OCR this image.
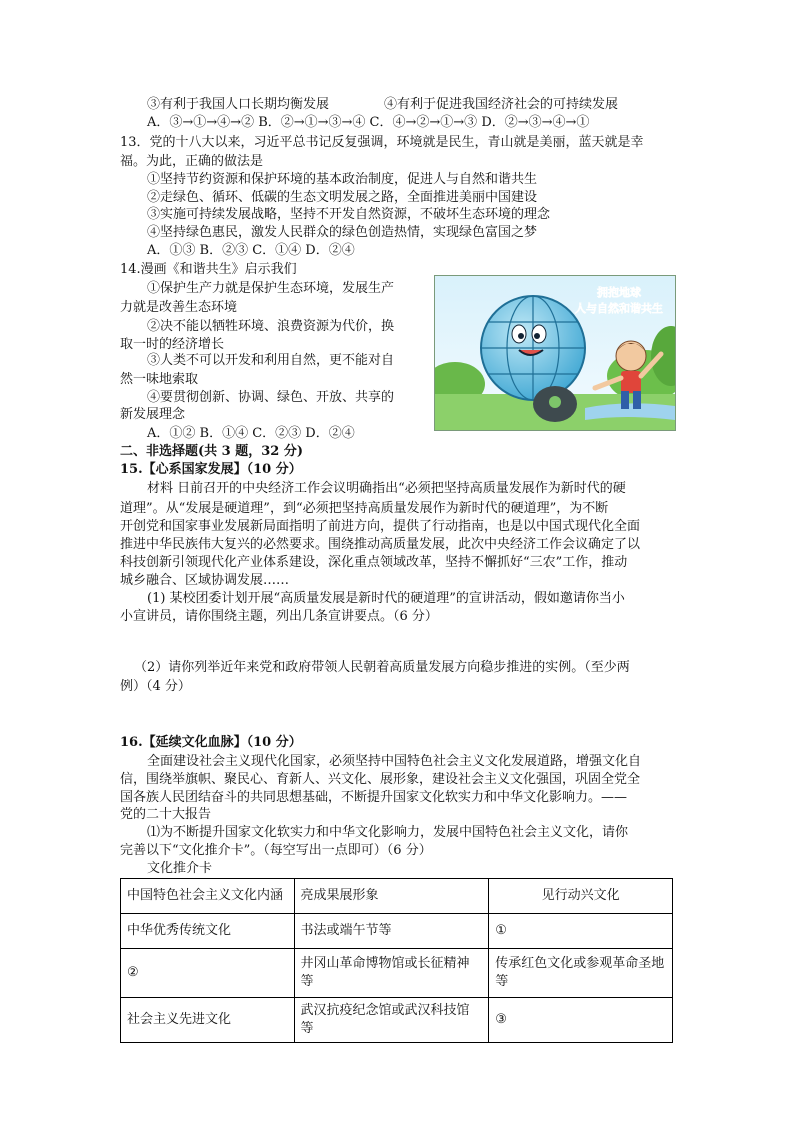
③有利于我国人口长期均衡发展	④有利于促进我国经济社会的可持续发展
A．③→①→④→② B．②→①→③→④ C．④→②→①→③ D．②→③→④→①
13．党的十八大以来，习近平总书记反复强调，环境就是民生，青山就是美丽，蓝天就是幸
福。为此，正确的做法是
①坚持节约资源和保护环境的基本政治制度，促进人与自然和谐共生
②走绿色、循环、低碳的生态文明发展之路，全面推进美丽中国建设
③实施可持续发展战略，坚持不开发自然资源，不破坏生态环境的理念
④坚持绿色惠民，激发人民群众的绿色创造热情，实现绿色富国之梦
A．①③ B．②③ C．①④ D．②④
14.漫画《和谐共生》启示我们
①保护生产力就是保护生态环境，发展生产
力就是改善生态环境
②决不能以牺牲环境、浪费资源为代价，换
取一时的经济增长
③人类不可以开发和利用自然，更不能对自
然一味地索取
④要贯彻创新、协调、绿色、开放、共享的
新发展理念
A．①② B．①④ C．②③ D．②④
拥抱地球
人与自然和谐共生
二、非选择题(共 3 题，32 分)
15.【心系国家发展】（10 分）
材料 日前召开的中央经济工作会议明确指出“必须把坚持高质量发展作为新时代的硬
道理”。从“发展是硬道理”，到“必须把坚持高质量发展作为新时代的硬道理”，为不断
开创党和国家事业发展新局面指明了前进方向，提供了行动指南，也是以中国式现代化全面
推进中华民族伟大复兴的必然要求。围绕推动高质量发展，此次中央经济工作会议确定了以
科技创新引领现代化产业体系建设，深化重点领域改革，坚持不懈抓好“三农”工作，推动
城乡融合、区域协调发展……
(1) 某校团委计划开展“高质量发展是新时代的硬道理”的宣讲活动，假如邀请你当小
小宣讲员，请你围绕主题，列出几条宣讲要点。（6 分）
（2）请你列举近年来党和政府带领人民朝着高质量发展方向稳步推进的实例。（至少两
例）（4 分）
16.【延续文化血脉】（10 分）
全面建设社会主义现代化国家，必须坚持中国特色社会主义文化发展道路，增强文化自
信，围绕举旗帜、聚民心、育新人、兴文化、展形象，建设社会主义文化强国，巩固全党全
国各族人民团结奋斗的共同思想基础，不断提升国家文化软实力和中华文化影响力。——
党的二十大报告
⑴为不断提升国家文化软实力和中华文化影响力，发展中国特色社会主义文化，请你
完善以下“文化推介卡”。（每空写出一点即可）（6 分）
文化推介卡
中国特色社会主义文化内涵	亮成果展形象	见行动兴文化
中华优秀传统文化	书法或端午节等	①
②	井冈山革命博物馆或长征精神等	传承红色文化或参观革命圣地等
社会主义先进文化	武汉抗疫纪念馆或武汉科技馆等	③
